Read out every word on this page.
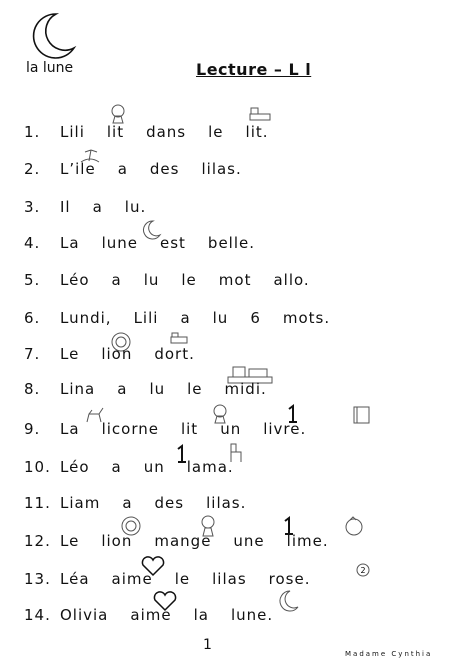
la lune	Lecture – L l
2
1. Lili lit dans le lit.
2. L’ile a des lilas.
3. Il a lu.
4. La lune est belle.
5. Léo a lu le mot allo.
6. Lundi, Lili a lu 6 mots.
7. Le lion dort.
8. Lina a lu le midi.
9. La licorne lit un livre.
10. Léo a un lama.
11. Liam a des lilas.
12. Le lion mange une lime.
13. Léa aime le lilas rose.
14. Olivia aime la lune.
1
Madame Cynthia
